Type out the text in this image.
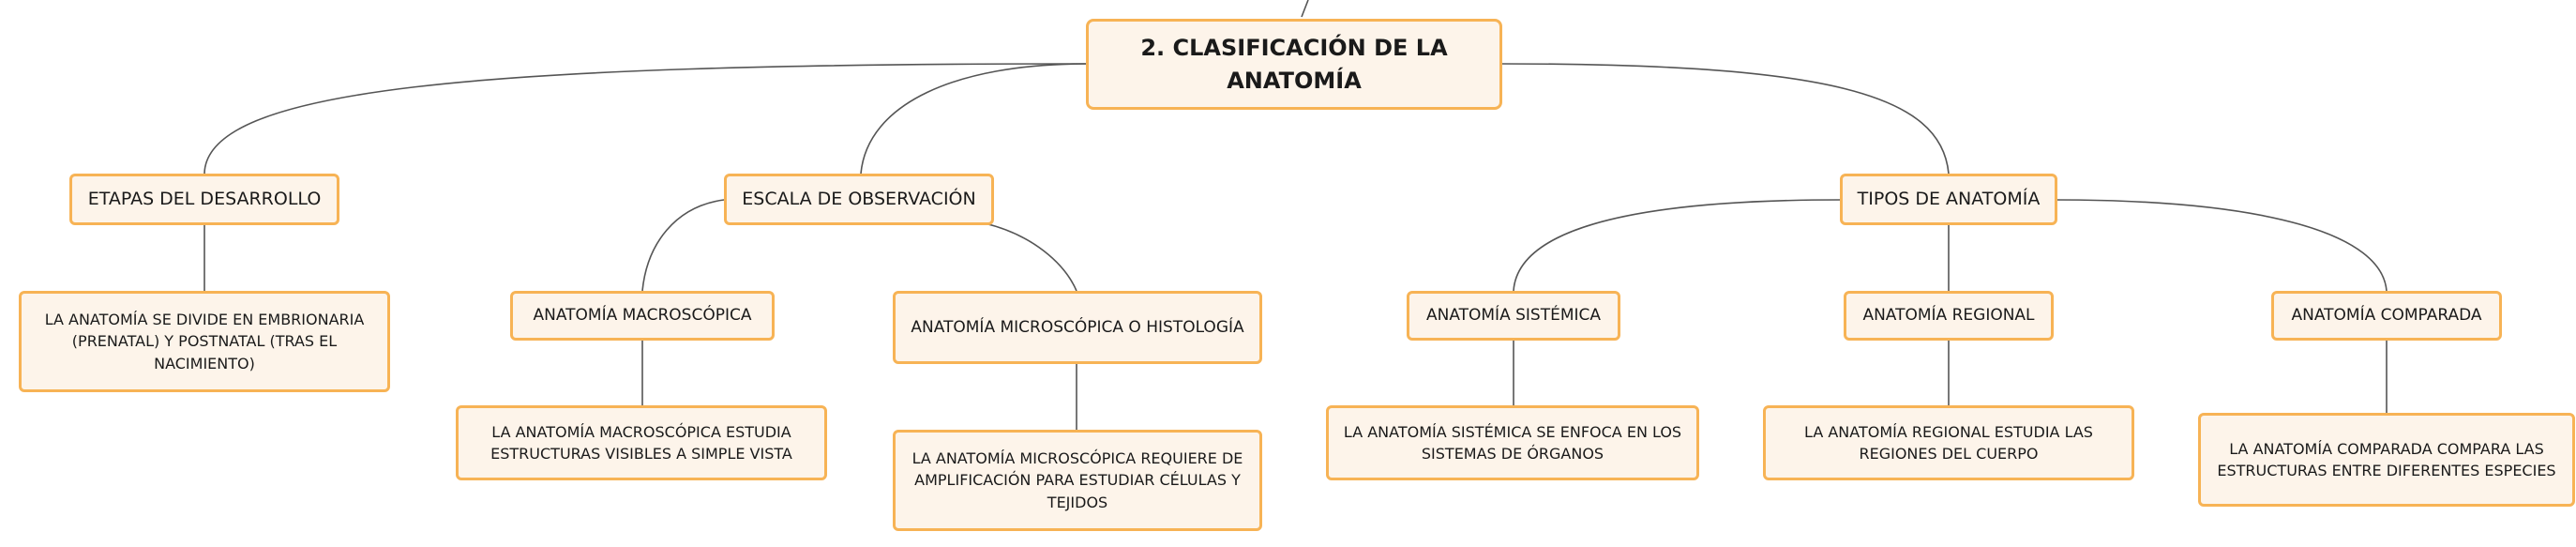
2. CLASIFICACIÓN DE LA ANATOMÍA
ETAPAS DEL DESARROLLO	ESCALA DE OBSERVACIÓN	TIPOS DE ANATOMÍA
LA ANATOMÍA SE DIVIDE EN EMBRIONARIA (PRENATAL) Y POSTNATAL (TRAS EL NACIMIENTO)
ANATOMÍA MACROSCÓPICA
ANATOMÍA MICROSCÓPICA O HISTOLOGÍA
LA ANATOMÍA MACROSCÓPICA ESTUDIA ESTRUCTURAS VISIBLES A SIMPLE VISTA	LA ANATOMÍA MICROSCÓPICA REQUIERE DE AMPLIFICACIÓN PARA ESTUDIAR CÉLULAS Y TEJIDOS
ANATOMÍA SISTÉMICA	ANATOMÍA REGIONAL	ANATOMÍA COMPARADA
LA ANATOMÍA SISTÉMICA SE ENFOCA EN LOS SISTEMAS DE ÓRGANOS
LA ANATOMÍA REGIONAL ESTUDIA LAS REGIONES DEL CUERPO	LA ANATOMÍA COMPARADA COMPARA LAS ESTRUCTURAS ENTRE DIFERENTES ESPECIES
